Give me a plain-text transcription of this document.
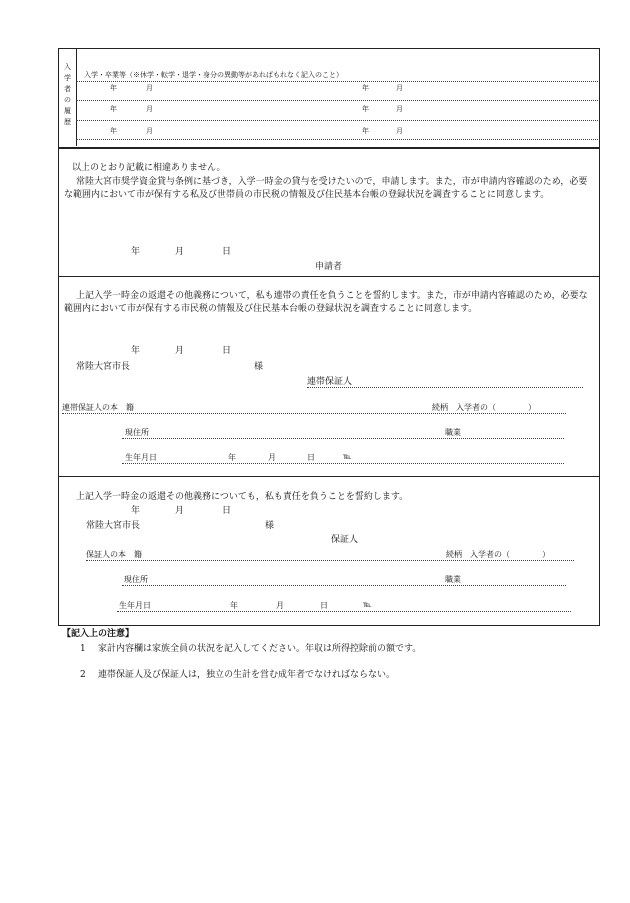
入
学
者
の
履
歴
入学・卒業等（※休学・転学・退学・身分の異動等があればもれなく記入のこと）
年	月	年	月
年	月	年	月
年	月	年	月
以上のとおり記載に相違ありません。
常陸大宮市奨学資金貸与条例に基づき，入学一時金の貸与を受けたいので，申請します。また，市が申請内容確認のため，必要な範囲内において市が保有する私及び世帯員の市民税の情報及び住民基本台帳の登録状況を調査することに同意します。
年	月	日
申請者
上記入学一時金の返還その他義務について，私も連帯の責任を負うことを誓約します。また，市が申請内容確認のため，必要な範囲内において市が保有する市民税の情報及び住民基本台帳の登録状況を調査することに同意します。
年	月	日
常陸大宮市長	様
連帯保証人
連帯保証人の本　籍	続柄　入学者の（　　　　）
現住所	職業
生年月日	年	月	日	℡
上記入学一時金の返還その他義務についても，私も責任を負うことを誓約します。
年	月	日
常陸大宮市長	様
保証人
保証人の本　籍	続柄　入学者の（　　　　）
現住所	職業
生年月日	年	月	日	℡
【記入上の注意】
1 家計内容欄は家族全員の状況を記入してください。年収は所得控除前の額です。
2 連帯保証人及び保証人は，独立の生計を営む成年者でなければならない。
